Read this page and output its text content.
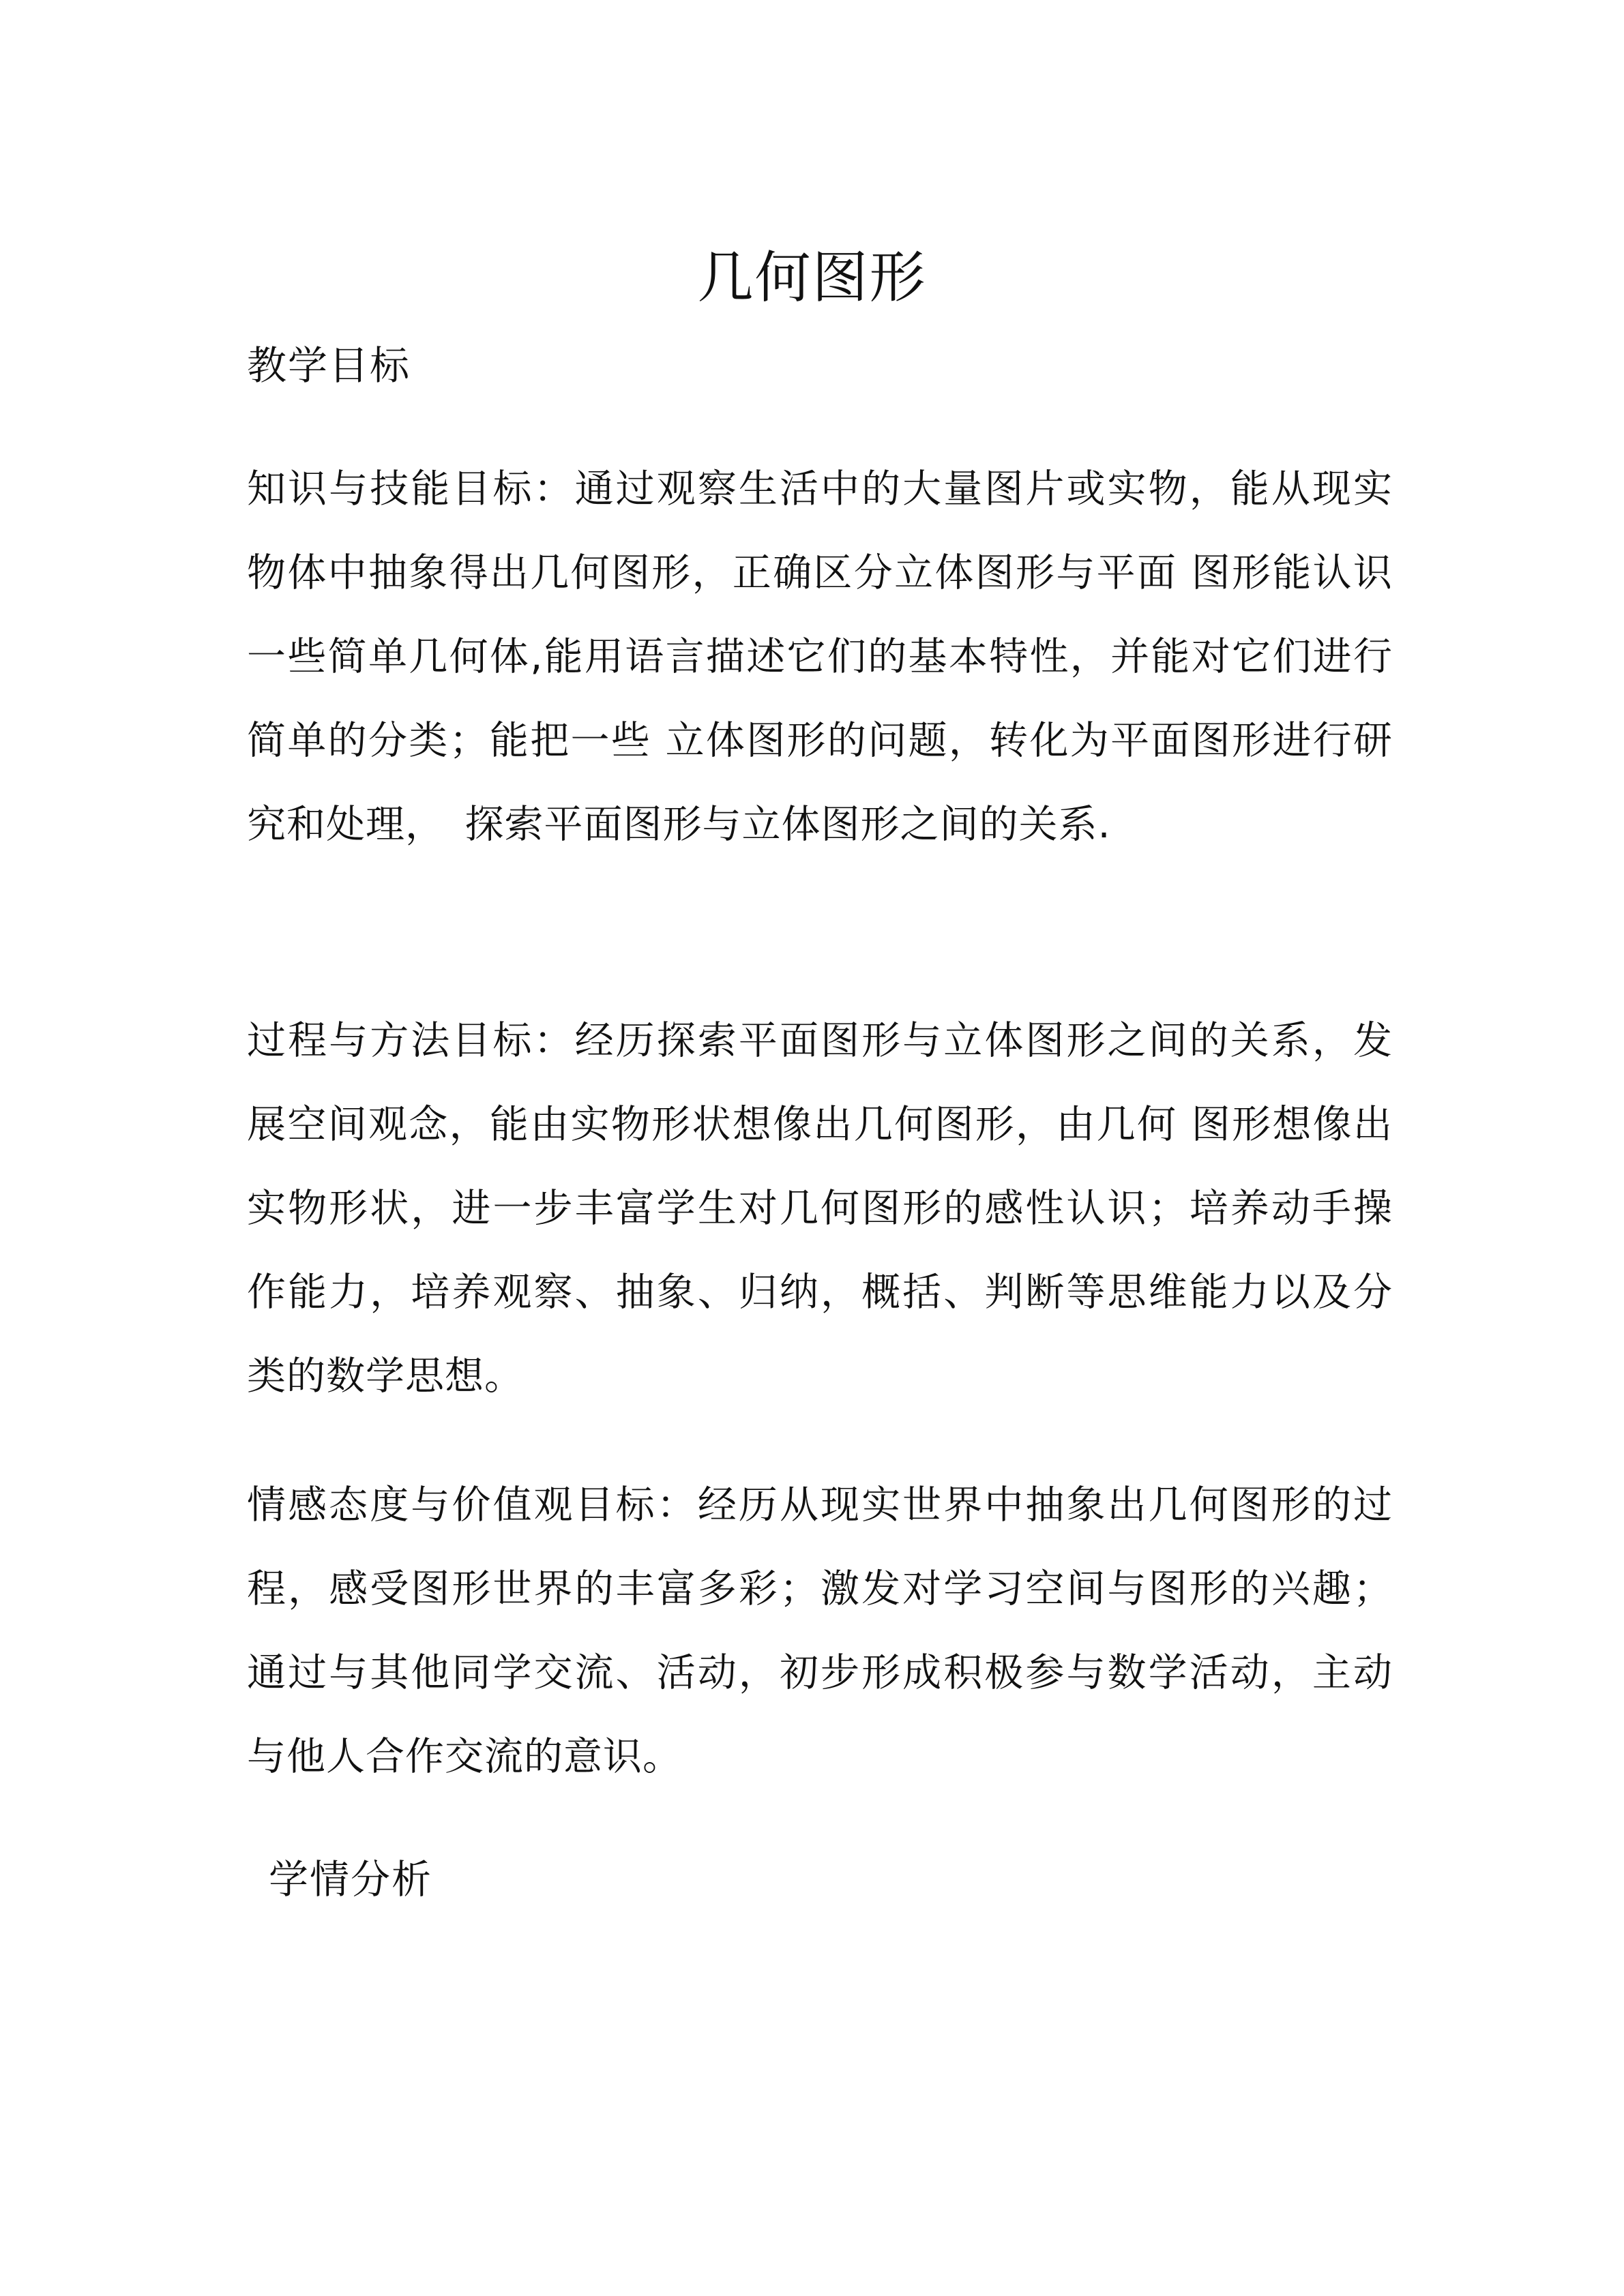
几何图形
教学目标

知识与技能目标：通过观察生活中的大量图片或实物，能从现实物体中抽象得出几何图形，正确区分立体图形与平面 图形能认识一些简单几何体,能用语言描述它们的基本特性，并能对它们进行简单的分类；能把一些 立体图形的问题，转化为平面图形进行研究和处理，　探索平面图形与立体图形之间的关系.

过程与方法目标：经历探索平面图形与立体图形之间的关系，发展空间观念，能由实物形状想像出几何图形，由几何 图形想像出实物形状，进一步丰富学生对几何图形的感性认识；培养动手操作能力，培养观察、抽象、归纳，概括、判断等思维能力以及分类的数学思想。

情感态度与价值观目标：经历从现实世界中抽象出几何图形的过程，感受图形世界的丰富多彩；激发对学习空间与图形的兴趣；通过与其他同学交流、活动，初步形成积极参与数学活动，主动与他人合作交流的意识。

学情分析
